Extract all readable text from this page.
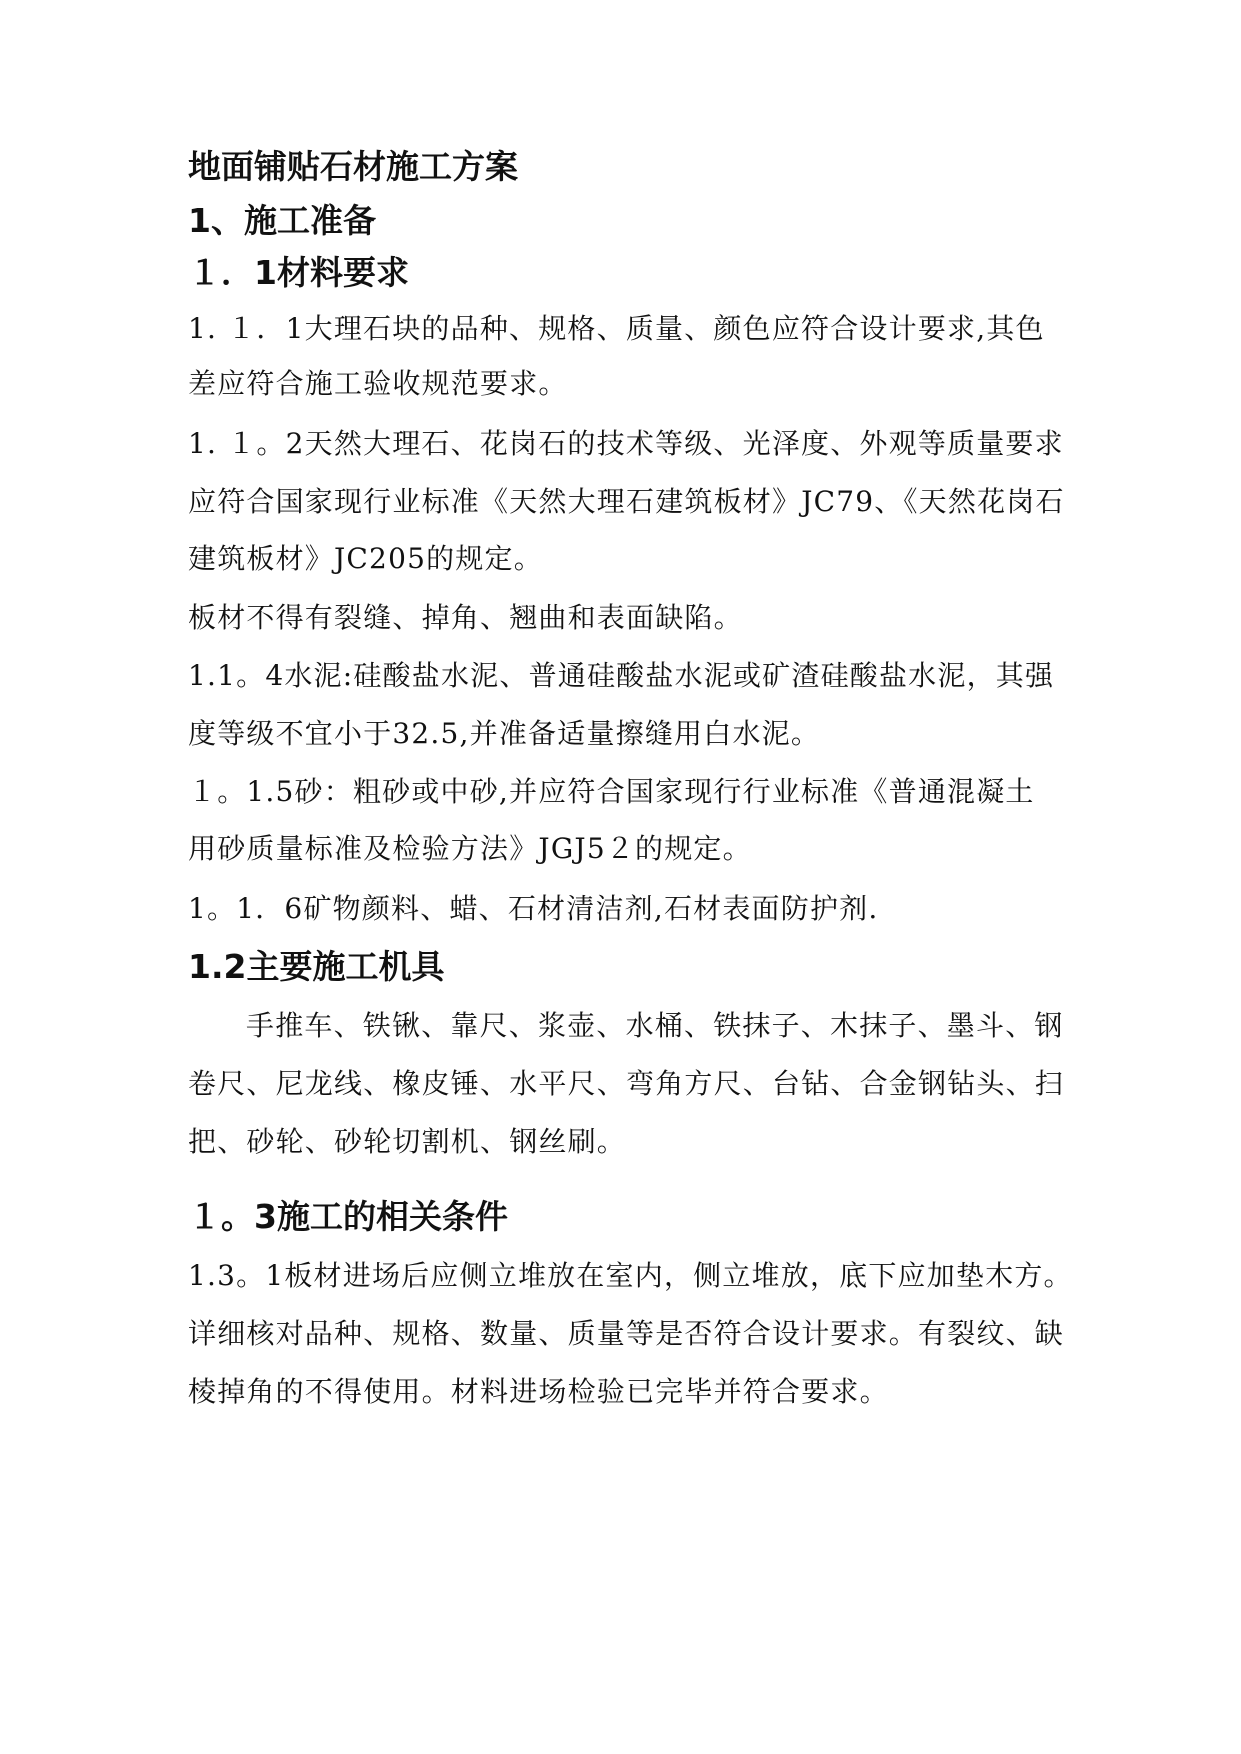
地面铺贴石材施工方案
1、施工准备
１．1材料要求
1. １．1大理石块的品种、规格、质量、颜色应符合设计要求,其色
差应符合施工验收规范要求。
1. １。2天然大理石、花岗石的技术等级、光泽度、外观等质量要求
应符合国家现行业标准《天然大理石建筑板材》JC79、《天然花岗石
建筑板材》JC205的规定。
板材不得有裂缝、掉角、翘曲和表面缺陷。
1.1。4水泥:硅酸盐水泥、普通硅酸盐水泥或矿渣硅酸盐水泥，其强
度等级不宜小于32.5,并准备适量擦缝用白水泥。
１。1.5砂：粗砂或中砂,并应符合国家现行行业标准《普通混凝土
用砂质量标准及检验方法》JGJ5２的规定。
1。1．6矿物颜料、蜡、石材清洁剂,石材表面防护剂.
1.2主要施工机具
手推车、铁锹、靠尺、浆壶、水桶、铁抹子、木抹子、墨斗、钢
卷尺、尼龙线、橡皮锤、水平尺、弯角方尺、台钻、合金钢钻头、扫
把、砂轮、砂轮切割机、钢丝刷。
１。3施工的相关条件
1.3。1板材进场后应侧立堆放在室内，侧立堆放，底下应加垫木方。
详细核对品种、规格、数量、质量等是否符合设计要求。有裂纹、缺
棱掉角的不得使用。材料进场检验已完毕并符合要求。
